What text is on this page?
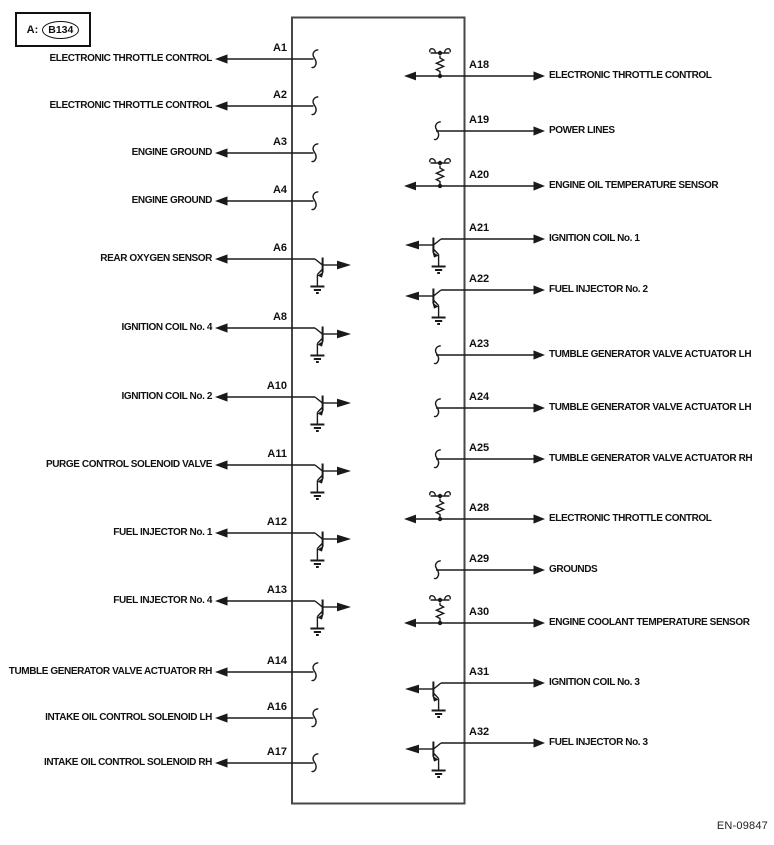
A: B134
ELECTRONIC THROTTLE CONTROL
A1
ELECTRONIC THROTTLE CONTROL
A2
ENGINE GROUND
A3
ENGINE GROUND
A4
REAR OXYGEN SENSOR
A6
IGNITION COIL No. 4
A8
IGNITION COIL No. 2
A10
PURGE CONTROL SOLENOID VALVE
A11
FUEL INJECTOR No. 1
A12
FUEL INJECTOR No. 4
A13
TUMBLE GENERATOR VALVE ACTUATOR RH
A14
INTAKE OIL CONTROL SOLENOID LH
A16
INTAKE OIL CONTROL SOLENOID RH
A17
ELECTRONIC THROTTLE CONTROL
A18
POWER LINES
A19
ENGINE OIL TEMPERATURE SENSOR
A20
IGNITION COIL No. 1
A21
FUEL INJECTOR No. 2
A22
TUMBLE GENERATOR VALVE ACTUATOR LH
A23
TUMBLE GENERATOR VALVE ACTUATOR LH
A24
TUMBLE GENERATOR VALVE ACTUATOR RH
A25
ELECTRONIC THROTTLE CONTROL
A28
GROUNDS
A29
ENGINE COOLANT TEMPERATURE SENSOR
A30
IGNITION COIL No. 3
A31
FUEL INJECTOR No. 3
A32
EN-09847
